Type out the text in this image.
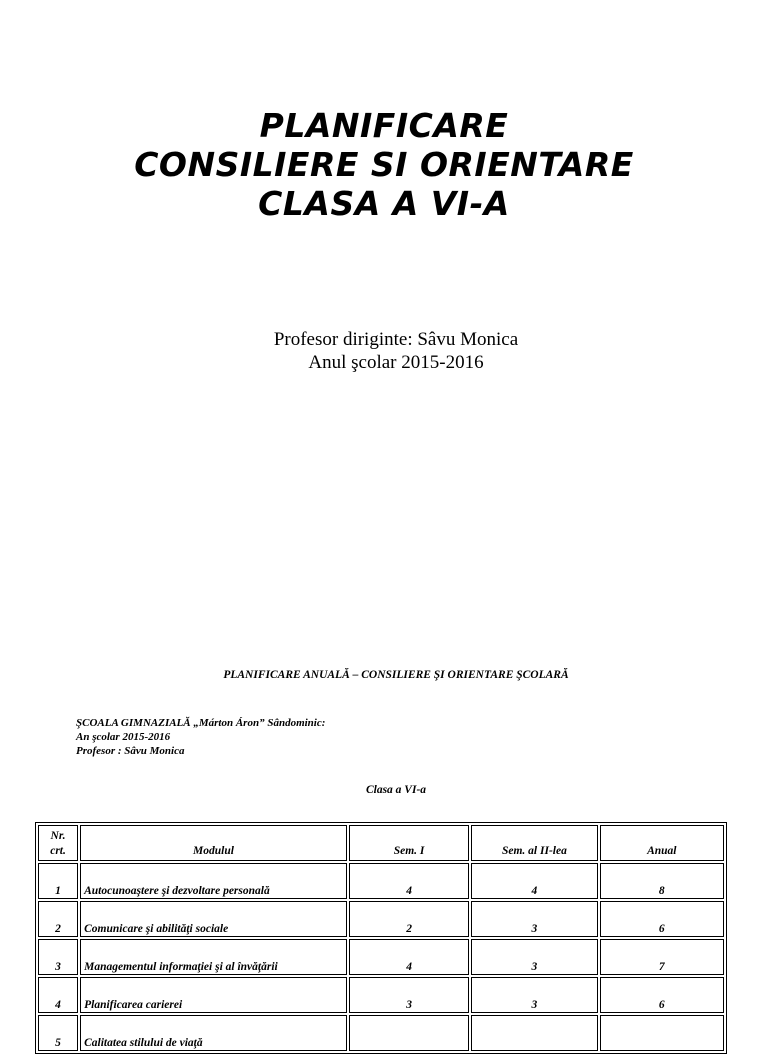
PLANIFICARE
CONSILIERE SI ORIENTARE
CLASA A VI-A
Profesor diriginte: Sâvu Monica
Anul şcolar 2015-2016
PLANIFICARE ANUALĂ – CONSILIERE ŞI ORIENTARE ŞCOLARĂ
ŞCOALA GIMNAZIALĂ „Márton Áron” Sândominic:
An şcolar 2015-2016
Profesor : Sâvu Monica
Clasa a VI-a
Nr. crt.	Modulul	Sem. I	Sem. al II-lea	Anual
1	Autocunoaştere şi dezvoltare personală	4	4	8
2	Comunicare şi abilităţi sociale	2	3	6
3	Managementul informaţiei şi al învăţării	4	3	7
4	Planificarea carierei	3	3	6
5	Calitatea stilului de viaţă			
